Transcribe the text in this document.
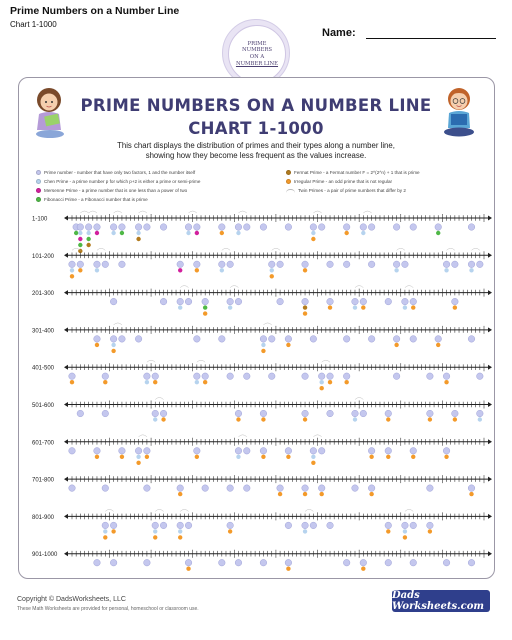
Prime Numbers on a Number Line
Chart 1-1000
Name:
PRIME
NUMBERS
ON A
NUMBER LINE
PRIME NUMBERS ON A NUMBER LINE
CHART 1-1000
This chart displays the distribution of primes and their types along a number line, showing how they become less frequent as the values increase.
Prime number - number that have only two factors, 1 and the number itself
Chen Prime - a prime number p for which p+2 is either a prime or semi-prime
Mersenne Prime - a prime number that is one less than a power of two
Fibonacci Prime - a Fibonacci number that is prime
Fermat Prime - a Fermat number F = 2^(2^n) + 1 that is prime
Irregular Prime - an odd prime that is not regular
Twin Primes - a pair of prime numbers that differ by 2
1-100
101-200
201-300
301-400
401-500
501-600
601-700
701-800
801-900
901-1000
Copyright © DadsWorksheets, LLC
These Math Worksheets are provided for personal, homeschool or classroom use.
Dads Worksheets.com
